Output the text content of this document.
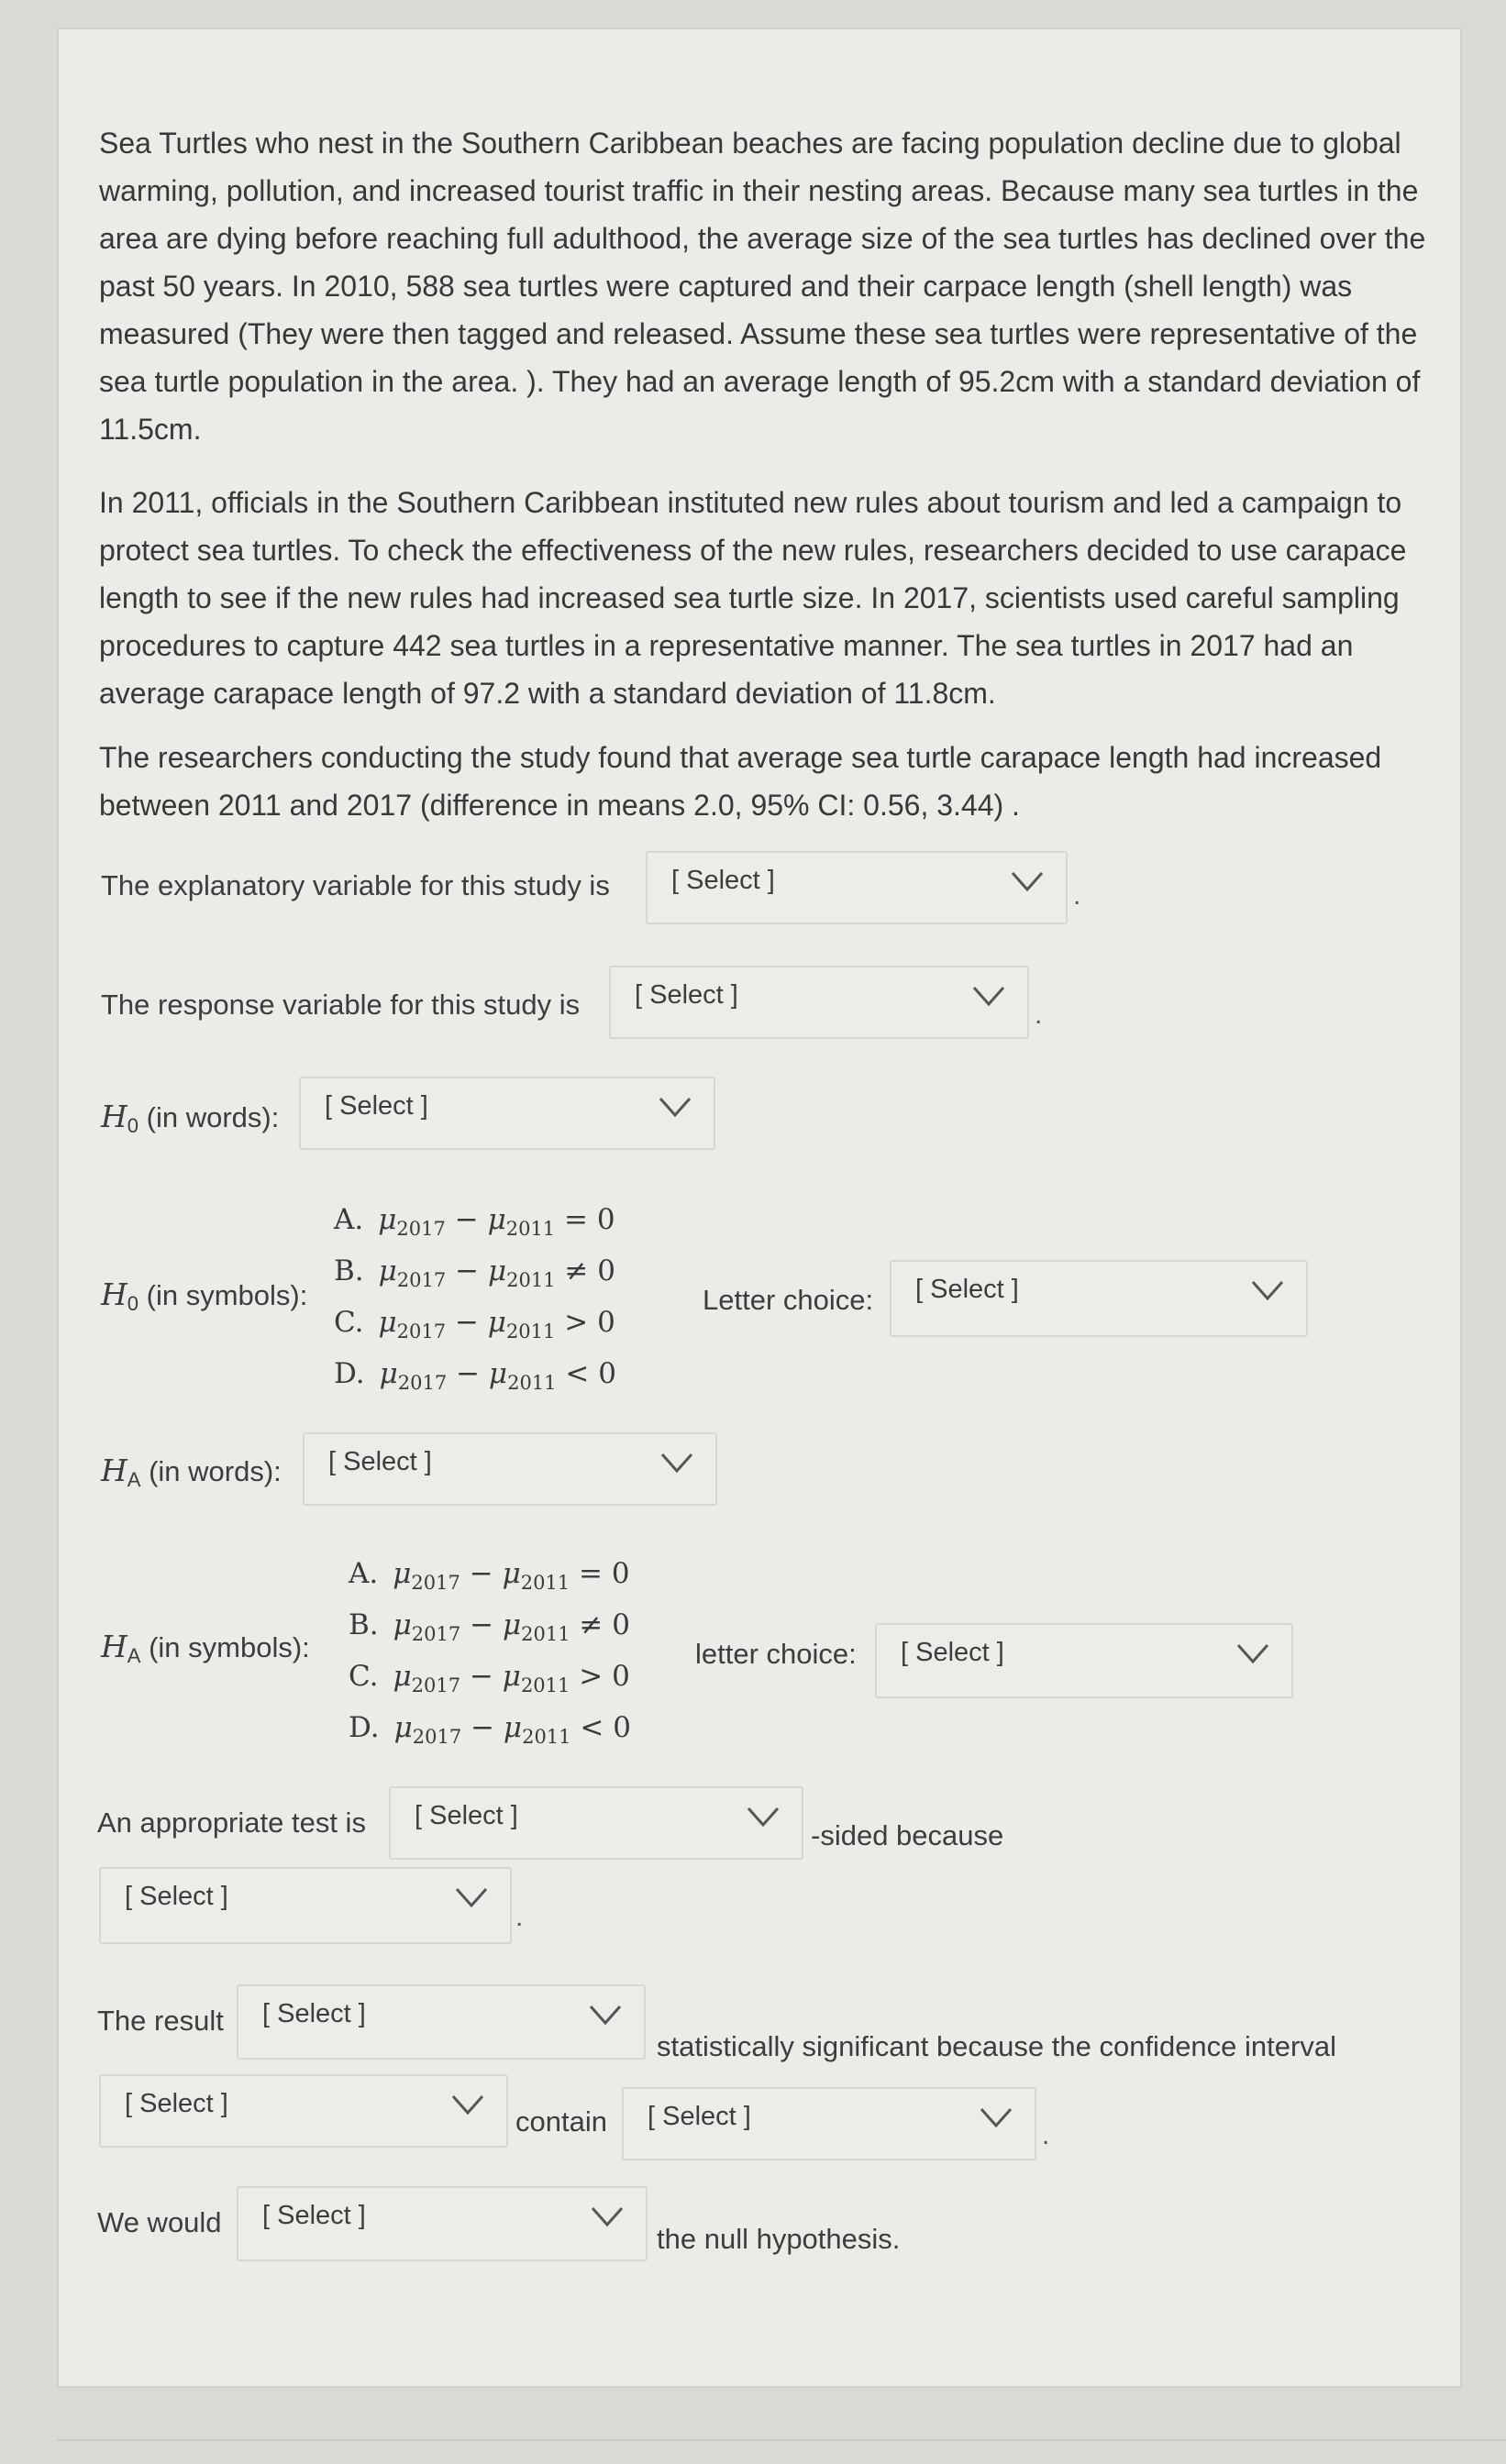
Sea Turtles who nest in the Southern Caribbean beaches are facing population decline due to global warming, pollution, and increased tourist traffic in their nesting areas. Because many sea turtles in the area are dying before reaching full adulthood, the average size of the sea turtles has declined over the past 50 years. In 2010, 588 sea turtles were captured and their carpace length (shell length) was measured (They were then tagged and released. Assume these sea turtles were representative of the sea turtle population in the area. ). They had an average length of 95.2cm with a standard deviation of 11.5cm.

In 2011, officials in the Southern Caribbean instituted new rules about tourism and led a campaign to protect sea turtles. To check the effectiveness of the new rules, researchers decided to use carapace length to see if the new rules had increased sea turtle size. In 2017, scientists used careful sampling procedures to capture 442 sea turtles in a representative manner. The sea turtles in 2017 had an average carapace length of 97.2 with a standard deviation of 11.8cm.

The researchers conducting the study found that average sea turtle carapace length had increased between 2011 and 2017 (difference in means 2.0, 95% CI: 0.56, 3.44) .

The explanatory variable for this study is [ Select ]	.
The response variable for this study is [ Select ]
.
H0 (in words): [ Select ]
H0 (in symbols):
A. $\mu_{2017} - \mu_{2011} = 0$
B. $\mu_{2017} - \mu_{2011} \ne 0$
C. $\mu_{2017} - \mu_{2011} > 0$
D. $\mu_{2017} - \mu_{2011} < 0$
Letter choice: [ Select ]
HA (in words): [ Select ]
HA (in symbols):
A. $\mu_{2017} - \mu_{2011} = 0$
B. $\mu_{2017} - \mu_{2011} \ne 0$
C. $\mu_{2017} - \mu_{2011} > 0$
D. $\mu_{2017} - \mu_{2011} < 0$
letter choice: [ Select ]
An appropriate test is [ Select ]
-sided because
[ Select ]
.
The result [ Select ]
statistically significant because the confidence interval
[ Select ]
contain [ Select ]
.
We would [ Select ]
the null hypothesis.
